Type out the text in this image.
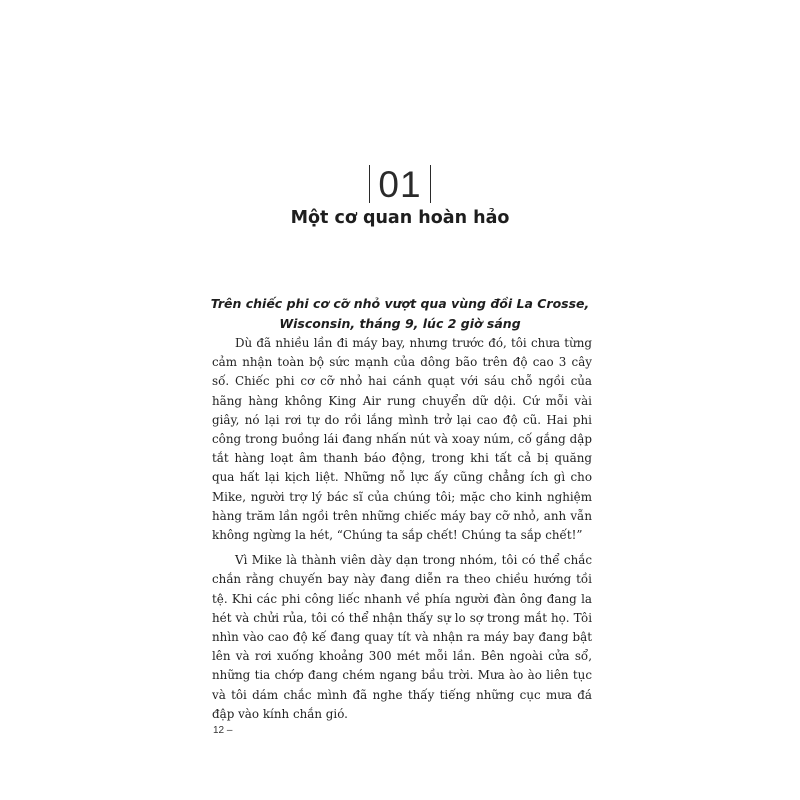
01
Một cơ quan hoàn hảo
Trên chiếc phi cơ cỡ nhỏ vượt qua vùng đồi La Crosse,
Wisconsin, tháng 9, lúc 2 giờ sáng

Dù đã nhiều lần đi máy bay, nhưng trước đó, tôi chưa từng cảm nhận toàn bộ sức mạnh của dông bão trên độ cao 3 cây số. Chiếc phi cơ cỡ nhỏ hai cánh quạt với sáu chỗ ngồi của hãng hàng không King Air rung chuyển dữ dội. Cứ mỗi vài giây, nó lại rơi tự do rồi lắng mình trở lại cao độ cũ. Hai phi công trong buồng lái đang nhấn nút và xoay núm, cố gắng dập tắt hàng loạt âm thanh báo động, trong khi tất cả bị quăng qua hất lại kịch liệt. Những nỗ lực ấy cũng chẳng ích gì cho Mike, người trợ lý bác sĩ của chúng tôi; mặc cho kinh nghiệm hàng trăm lần ngồi trên những chiếc máy bay cỡ nhỏ, anh vẫn không ngừng la hét, “Chúng ta sắp chết! Chúng ta sắp chết!”

Vì Mike là thành viên dày dạn trong nhóm, tôi có thể chắc chắn rằng chuyến bay này đang diễn ra theo chiều hướng tồi tệ. Khi các phi công liếc nhanh về phía người đàn ông đang la hét và chửi rủa, tôi có thể nhận thấy sự lo sợ trong mắt họ. Tôi nhìn vào cao độ kế đang quay tít và nhận ra máy bay đang bật lên và rơi xuống khoảng 300 mét mỗi lần. Bên ngoài cửa sổ, những tia chớp đang chém ngang bầu trời. Mưa ào ào liên tục và tôi dám chắc mình đã nghe thấy tiếng những cục mưa đá đập vào kính chắn gió.

12 –
